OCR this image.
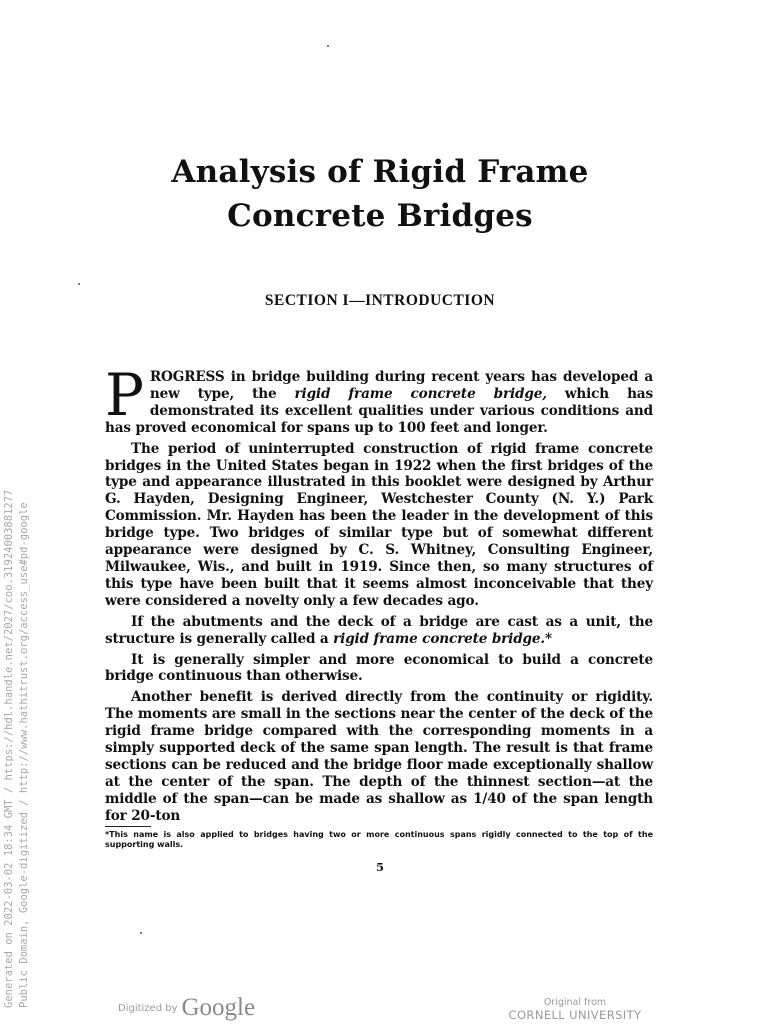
Analysis of Rigid Frame
Concrete Bridges
SECTION I—INTRODUCTION

PROGRESS in bridge building during recent years has developed a new type, the rigid frame concrete bridge, which has demonstrated its excellent qualities under various conditions and has proved economical for spans up to 100 feet and longer.

The period of uninterrupted construction of rigid frame concrete bridges in the United States began in 1922 when the first bridges of the type and appearance illustrated in this booklet were designed by Arthur G. Hayden, Designing Engineer, Westchester County (N. Y.) Park Commission. Mr. Hayden has been the leader in the development of this bridge type. Two bridges of similar type but of somewhat different appearance were designed by C. S. Whitney, Consulting Engineer, Milwaukee, Wis., and built in 1919. Since then, so many structures of this type have been built that it seems almost inconceivable that they were considered a novelty only a few decades ago.

If the abutments and the deck of a bridge are cast as a unit, the structure is generally called a rigid frame concrete bridge.*

It is generally simpler and more economical to build a concrete bridge continuous than otherwise.

Another benefit is derived directly from the continuity or rigidity. The moments are small in the sections near the center of the deck of the rigid frame bridge compared with the corresponding moments in a simply supported deck of the same span length. The result is that frame sections can be reduced and the bridge floor made exceptionally shallow at the center of the span. The depth of the thinnest section—at the middle of the span—can be made as shallow as 1/40 of the span length for 20-ton

*This name is also applied to bridges having two or more continuous spans rigidly connected to the top of the supporting walls.
5
Generated on 2022-03-02 18:34 GMT / https://hdl.handle.net/2027/coo.31924003881277 Public Domain, Google-digitized / http://www.hathitrust.org/access_use#pd-google	Digitized by Google	Original from
CORNELL UNIVERSITY
